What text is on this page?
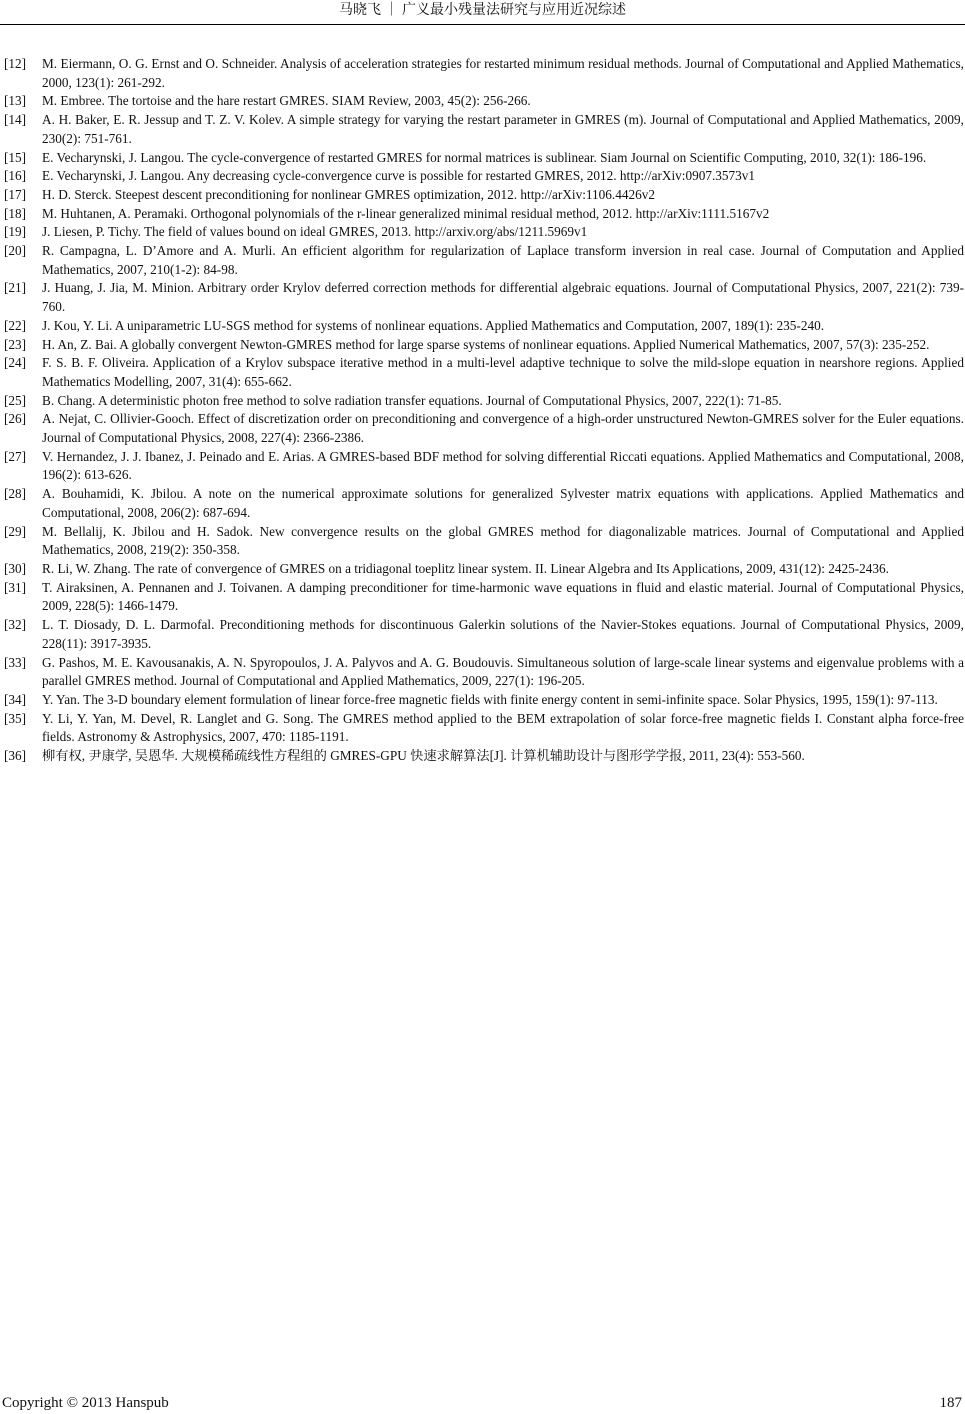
马晓飞 ｜ 广义最小残量法研究与应用近况综述
[12]	M. Eiermann, O. G. Ernst and O. Schneider. Analysis of acceleration strategies for restarted minimum residual methods. Journal of Computational and Applied Mathematics, 2000, 123(1): 261-292.
[13]	M. Embree. The tortoise and the hare restart GMRES. SIAM Review, 2003, 45(2): 256-266.
[14]	A. H. Baker, E. R. Jessup and T. Z. V. Kolev. A simple strategy for varying the restart parameter in GMRES (m). Journal of Computational and Applied Mathematics, 2009, 230(2): 751-761.
[15]	E. Vecharynski, J. Langou. The cycle-convergence of restarted GMRES for normal matrices is sublinear. Siam Journal on Scientific Computing, 2010, 32(1): 186-196.
[16]	E. Vecharynski, J. Langou. Any decreasing cycle-convergence curve is possible for restarted GMRES, 2012. http://arXiv:0907.3573v1
[17]	H. D. Sterck. Steepest descent preconditioning for nonlinear GMRES optimization, 2012. http://arXiv:1106.4426v2
[18]	M. Huhtanen, A. Peramaki. Orthogonal polynomials of the r-linear generalized minimal residual method, 2012. http://arXiv:1111.5167v2
[19]	J. Liesen, P. Tichy. The field of values bound on ideal GMRES, 2013. http://arxiv.org/abs/1211.5969v1
[20]	R. Campagna, L. D’Amore and A. Murli. An efficient algorithm for regularization of Laplace transform inversion in real case. Journal of Computation and Applied Mathematics, 2007, 210(1-2): 84-98.
[21]	J. Huang, J. Jia, M. Minion. Arbitrary order Krylov deferred correction methods for differential algebraic equations. Journal of Computational Physics, 2007, 221(2): 739-760.
[22]	J. Kou, Y. Li. A uniparametric LU-SGS method for systems of nonlinear equations. Applied Mathematics and Computation, 2007, 189(1): 235-240.
[23]	H. An, Z. Bai. A globally convergent Newton-GMRES method for large sparse systems of nonlinear equations. Applied Numerical Mathematics, 2007, 57(3): 235-252.
[24]	F. S. B. F. Oliveira. Application of a Krylov subspace iterative method in a multi-level adaptive technique to solve the mild-slope equation in nearshore regions. Applied Mathematics Modelling, 2007, 31(4): 655-662.
[25]	B. Chang. A deterministic photon free method to solve radiation transfer equations. Journal of Computational Physics, 2007, 222(1): 71-85.
[26]	A. Nejat, C. Ollivier-Gooch. Effect of discretization order on preconditioning and convergence of a high-order unstructured Newton-GMRES solver for the Euler equations. Journal of Computational Physics, 2008, 227(4): 2366-2386.
[27]	V. Hernandez, J. J. Ibanez, J. Peinado and E. Arias. A GMRES-based BDF method for solving differential Riccati equations. Applied Mathematics and Computational, 2008, 196(2): 613-626.
[28]	A. Bouhamidi, K. Jbilou. A note on the numerical approximate solutions for generalized Sylvester matrix equations with applications. Applied Mathematics and Computational, 2008, 206(2): 687-694.
[29]	M. Bellalij, K. Jbilou and H. Sadok. New convergence results on the global GMRES method for diagonalizable matrices. Journal of Computational and Applied Mathematics, 2008, 219(2): 350-358.
[30]	R. Li, W. Zhang. The rate of convergence of GMRES on a tridiagonal toeplitz linear system. II. Linear Algebra and Its Applications, 2009, 431(12): 2425-2436.
[31]	T. Airaksinen, A. Pennanen and J. Toivanen. A damping preconditioner for time-harmonic wave equations in fluid and elastic material. Journal of Computational Physics, 2009, 228(5): 1466-1479.
[32]	L. T. Diosady, D. L. Darmofal. Preconditioning methods for discontinuous Galerkin solutions of the Navier-Stokes equations. Journal of Computational Physics, 2009, 228(11): 3917-3935.
[33]	G. Pashos, M. E. Kavousanakis, A. N. Spyropoulos, J. A. Palyvos and A. G. Boudouvis. Simultaneous solution of large-scale linear systems and eigenvalue problems with a parallel GMRES method. Journal of Computational and Applied Mathematics, 2009, 227(1): 196-205.
[34]	Y. Yan. The 3-D boundary element formulation of linear force-free magnetic fields with finite energy content in semi-infinite space. Solar Physics, 1995, 159(1): 97-113.
[35]	Y. Li, Y. Yan, M. Devel, R. Langlet and G. Song. The GMRES method applied to the BEM extrapolation of solar force-free magnetic fields I. Constant alpha force-free fields. Astronomy & Astrophysics, 2007, 470: 1185-1191.
[36]	柳有权, 尹康学, 吴恩华. 大规模稀疏线性方程组的 GMRES-GPU 快速求解算法[J]. 计算机辅助设计与图形学学报, 2011, 23(4): 553-560.
Copyright © 2013 Hanspub	187
